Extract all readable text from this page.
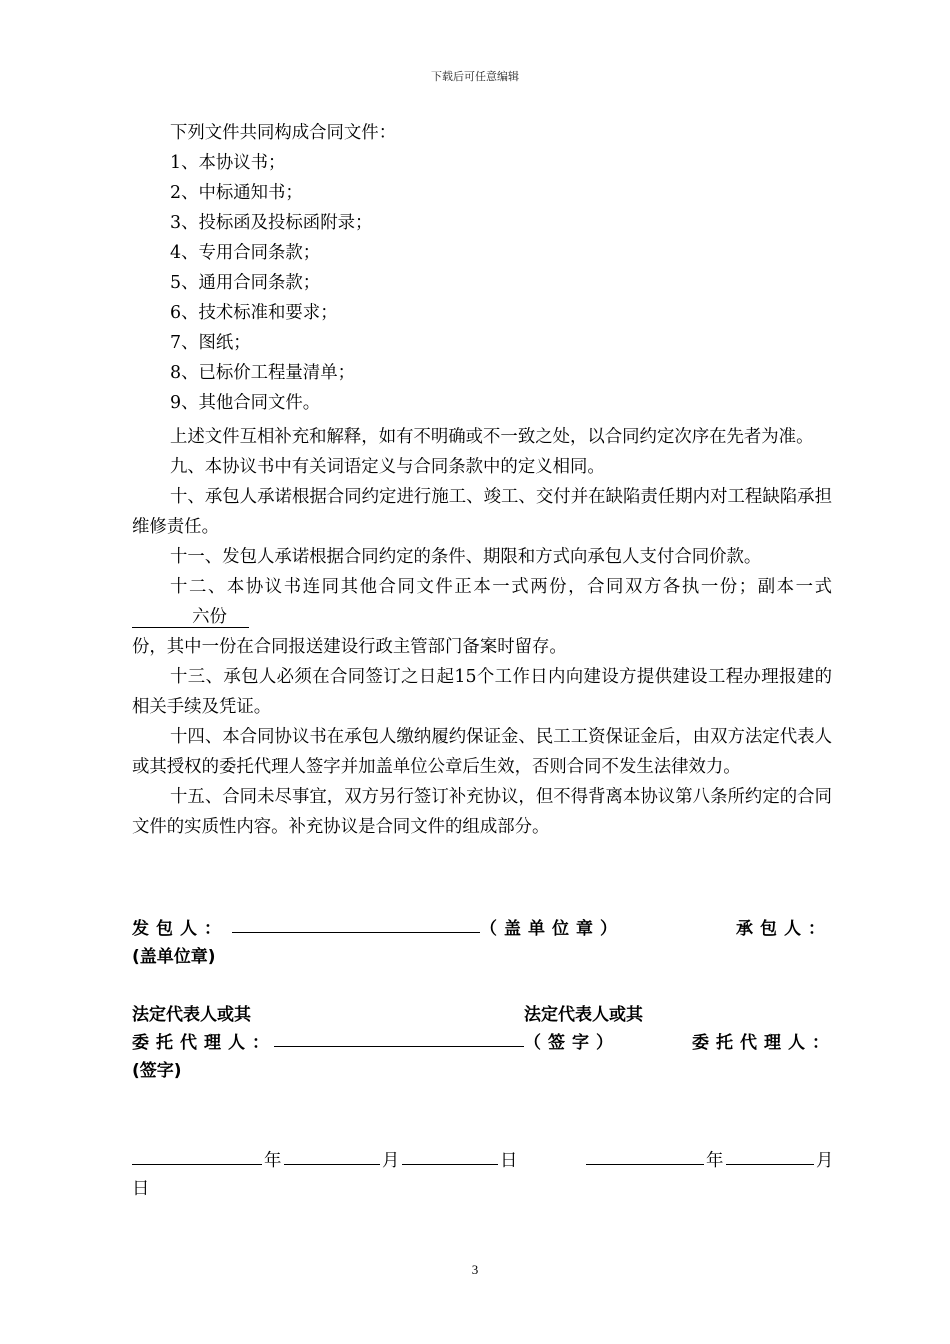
下载后可任意编辑
下列文件共同构成合同文件：
1、本协议书；
2、中标通知书；
3、投标函及投标函附录；
4、专用合同条款；
5、通用合同条款；
6、技术标准和要求；
7、图纸；
8、已标价工程量清单；
9、其他合同文件。
上述文件互相补充和解释，如有不明确或不一致之处，以合同约定次序在先者为准。
九、本协议书中有关词语定义与合同条款中的定义相同。
十、承包人承诺根据合同约定进行施工、竣工、交付并在缺陷责任期内对工程缺陷承担维修责任。
十一、发包人承诺根据合同约定的条件、期限和方式向承包人支付合同价款。
十二、本协议书连同其他合同文件正本一式两份，合同双方各执一份；副本一式     六份
份，其中一份在合同报送建设行政主管部门备案时留存。
十三、承包人必须在合同签订之日起15个工作日内向建设方提供建设工程办理报建的相关手续及凭证。
十四、本合同协议书在承包人缴纳履约保证金、民工工资保证金后，由双方法定代表人或其授权的委托代理人签字并加盖单位公章后生效，否则合同不发生法律效力。
十五、合同未尽事宜，双方另行签订补充协议，但不得背离本协议第八条所约定的合同文件的实质性内容。补充协议是合同文件的组成部分。
发包人：	（盖单位章）	承包人：
(盖单位章)
法定代表人或其	法定代表人或其
委托代理人：	（签字）	委托代理人：
(签字)
年	月	日	年	月
日
3
